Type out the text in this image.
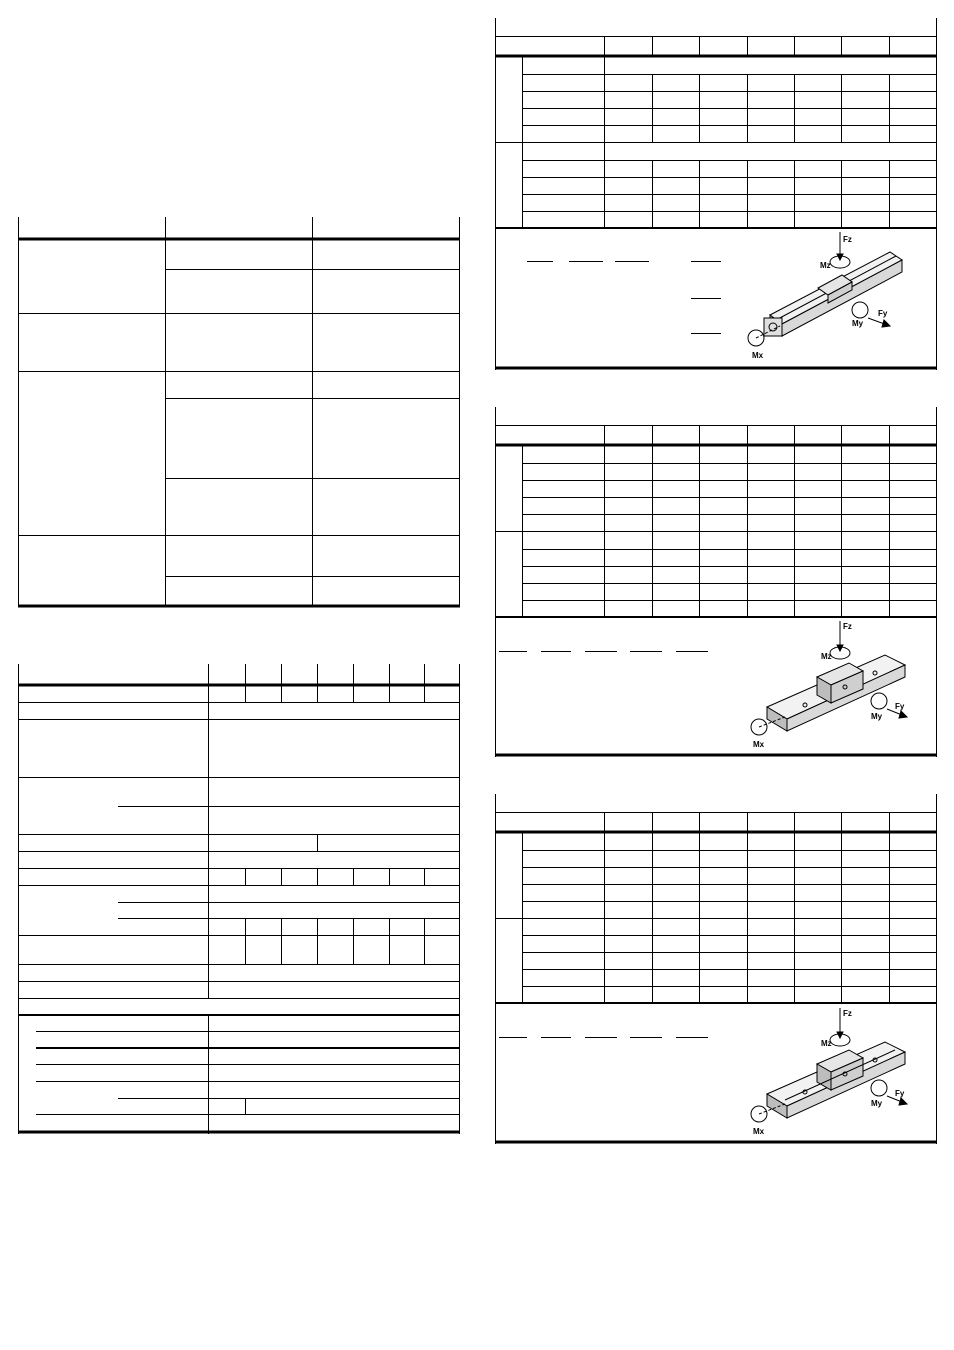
Fz
Mz
My
Fy
Mx
Fz
Mz
My
Fy
Mx
Fz
Mz
My
Fy
Mx
